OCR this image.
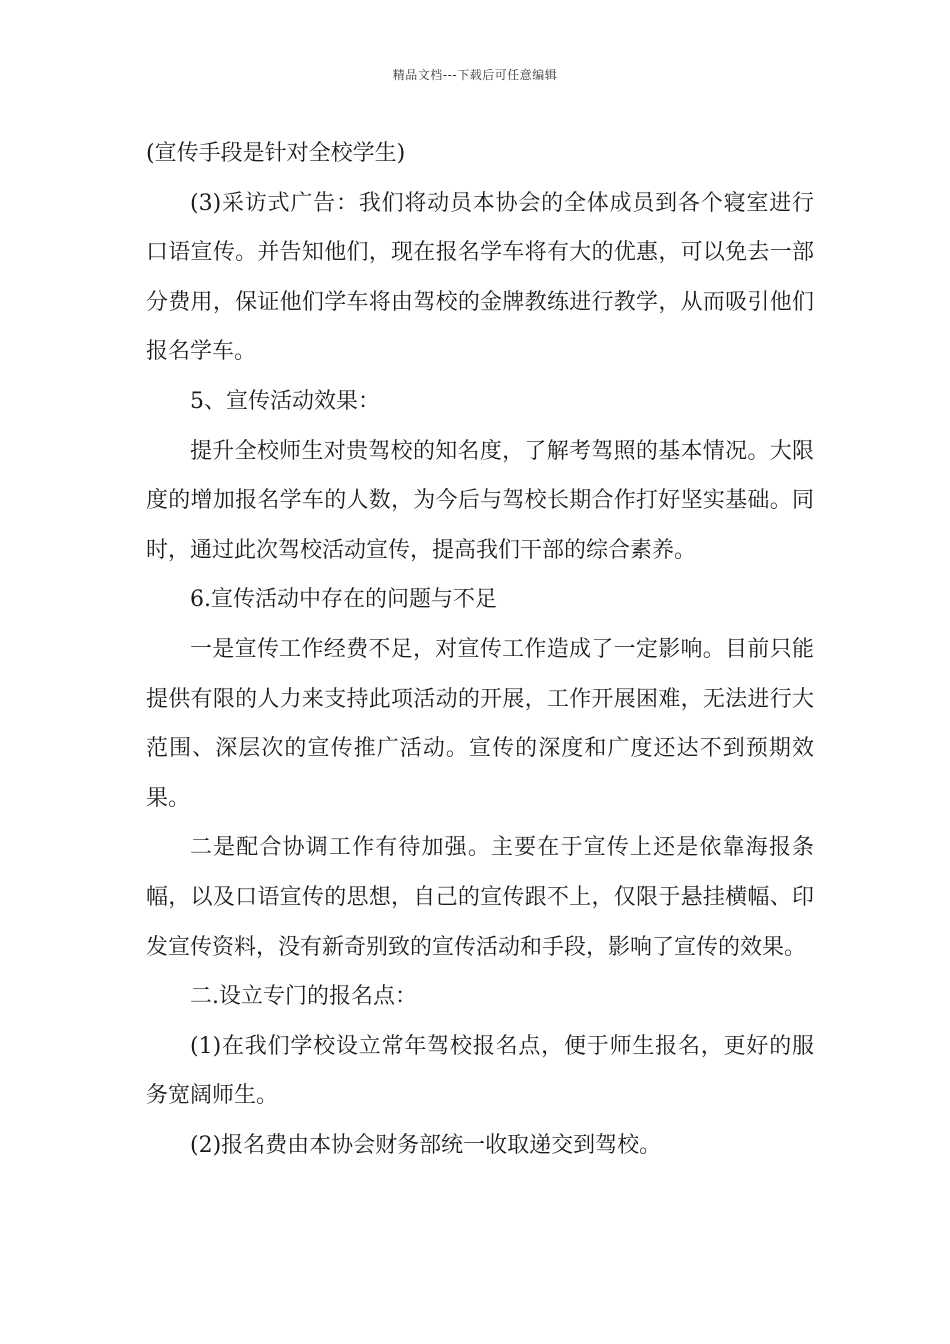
精品文档---下载后可任意编辑

(宣传手段是针对全校学生)

(3)采访式广告：我们将动员本协会的全体成员到各个寝室进行口语宣传。并告知他们，现在报名学车将有大的优惠，可以免去一部分费用，保证他们学车将由驾校的金牌教练进行教学，从而吸引他们报名学车。

5、宣传活动效果：

提升全校师生对贵驾校的知名度，了解考驾照的基本情况。大限度的增加报名学车的人数，为今后与驾校长期合作打好坚实基础。同时，通过此次驾校活动宣传，提高我们干部的综合素养。

6.宣传活动中存在的问题与不足

一是宣传工作经费不足，对宣传工作造成了一定影响。目前只能提供有限的人力来支持此项活动的开展，工作开展困难，无法进行大范围、深层次的宣传推广活动。宣传的深度和广度还达不到预期效果。

二是配合协调工作有待加强。主要在于宣传上还是依靠海报条幅，以及口语宣传的思想，自己的宣传跟不上，仅限于悬挂横幅、印发宣传资料，没有新奇别致的宣传活动和手段，影响了宣传的效果。

二.设立专门的报名点：

(1)在我们学校设立常年驾校报名点，便于师生报名，更好的服务宽阔师生。

(2)报名费由本协会财务部统一收取递交到驾校。
